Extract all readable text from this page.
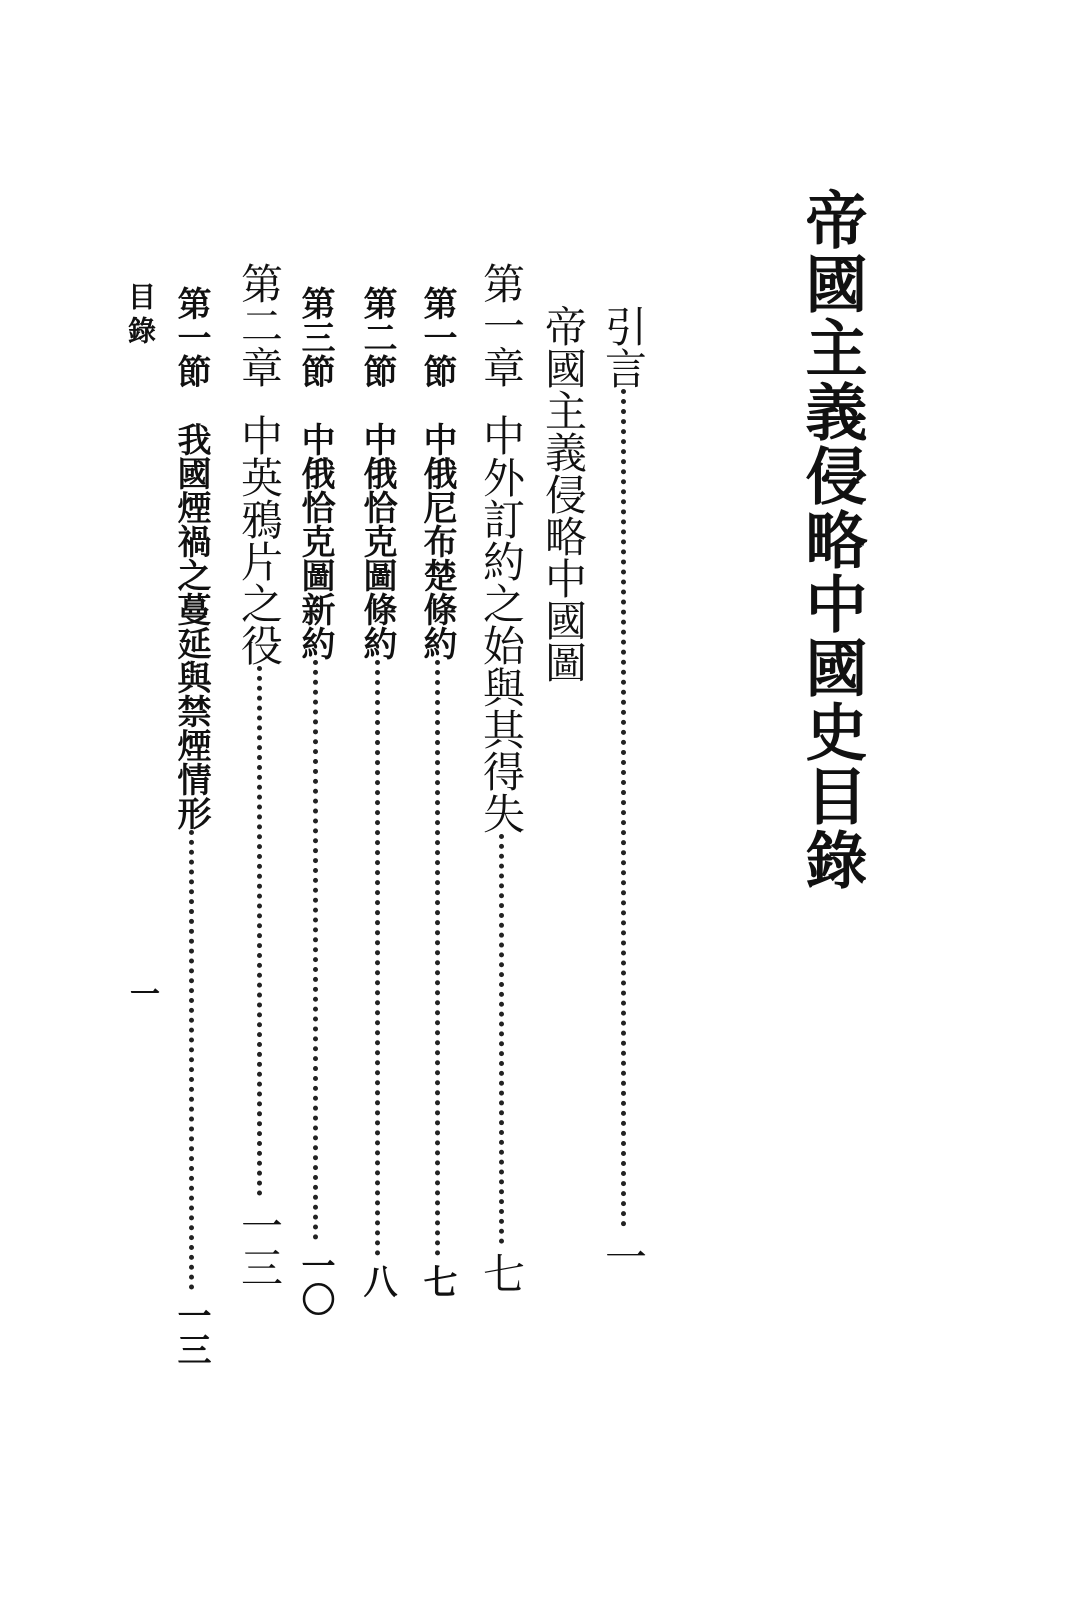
帝國主義侵略中國史目錄
引言
一
帝國主義侵略中國圖
第一章
中外訂約之始與其得失
七
第一節
中俄尼布楚條約
七
第二節
中俄恰克圖條約
八
第三節
中俄恰克圖新約
一〇
第二章
中英鴉片之役
一三
第一節
我國煙禍之蔓延與禁煙情形
一三
目錄
一
